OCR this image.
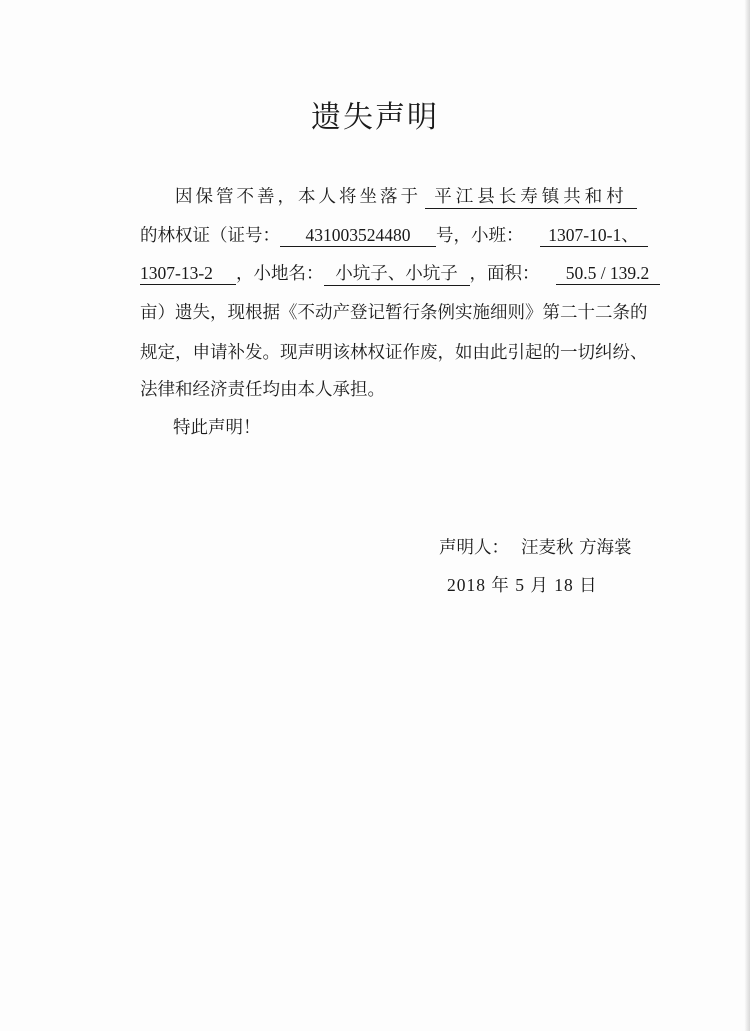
遗失声明
因保管不善，本人将坐落于 平江县长寿镇共和村
的林权证（证号： 431003524480 号，小班： 1307-10-1、
1307-13-2 ，小地名： 小坑子、小坑子 ，面积： 50.5 / 139.2
亩）遗失，现根据《不动产登记暂行条例实施细则》第二十二条的
规定，申请补发。现声明该林权证作废，如由此引起的一切纠纷、
法律和经济责任均由本人承担。
特此声明！
声明人： 汪麦秋 方海裳
2018 年 5 月 18 日
